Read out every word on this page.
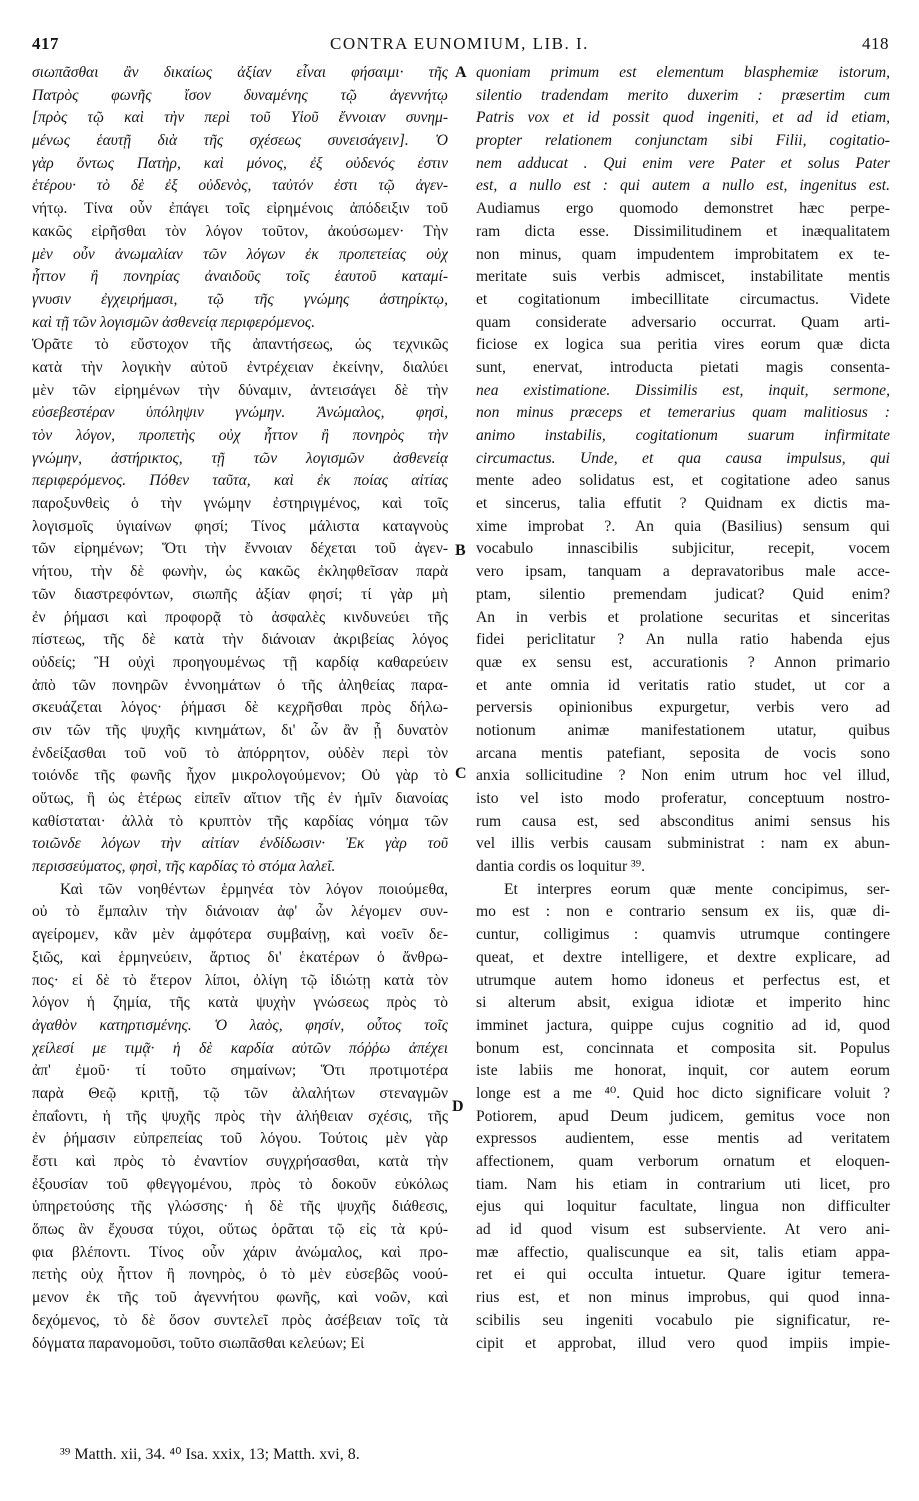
CONTRA EUNOMIUM, LIB. I.
417	418
σιωπᾶσθαι ἂν δικαίως ἀξίαν εἶναι φήσαιμι· τῆς
Πατρὸς φωνῆς ἴσον δυναμένης τῷ ἀγεννήτῳ
[πρὸς τῷ καὶ τὴν περὶ τοῦ Υἱοῦ ἔννοιαν συνημ-
μένως ἑαυτῇ διὰ τῆς σχέσεως συνεισάγειν]. Ὁ
γὰρ ὄντως Πατὴρ, καὶ μόνος, ἐξ οὐδενός ἐστιν
ἑτέρου· τὸ δὲ ἐξ οὐδενὸς, ταὐτόν ἐστι τῷ ἀγεν-
νήτῳ. Τίνα οὖν ἐπάγει τοῖς εἰρημένοις ἀπόδειξιν τοῦ
κακῶς εἰρῆσθαι τὸν λόγον τοῦτον, ἀκούσωμεν· Τὴν
μὲν οὖν ἀνωμαλίαν τῶν λόγων ἐκ προπετείας οὐχ
ἧττον ἢ πονηρίας ἀναιδοῦς τοῖς ἑαυτοῦ καταμί-
γνυσιν ἐγχειρήμασι, τῷ τῆς γνώμης ἀστηρίκτῳ,
καὶ τῇ τῶν λογισμῶν ἀσθενείᾳ περιφερόμενος.
Ὁρᾶτε τὸ εὔστοχον τῆς ἀπαντήσεως, ὡς τεχνικῶς
κατὰ τὴν λογικὴν αὐτοῦ ἐντρέχειαν ἐκείνην, διαλύει
μὲν τῶν εἰρημένων τὴν δύναμιν, ἀντεισάγει δὲ τὴν
εὐσεβεστέραν ὑπόληψιν γνώμην. Ἀνώμαλος, φησὶ,
τὸν λόγον, προπετὴς οὐχ ἧττον ἢ πονηρὸς τὴν
γνώμην, ἀστήρικτος, τῇ τῶν λογισμῶν ἀσθενείᾳ
περιφερόμενος. Πόθεν ταῦτα, καὶ ἐκ ποίας αἰτίας
παροξυνθεὶς ὁ τὴν γνώμην ἐστηριγμένος, καὶ τοῖς
λογισμοῖς ὑγιαίνων φησί; Τίνος μάλιστα καταγνοὺς
τῶν εἰρημένων; Ὅτι τὴν ἔννοιαν δέχεται τοῦ ἀγεν-
νήτου, τὴν δὲ φωνὴν, ὡς κακῶς ἐκληφθεῖσαν παρὰ
τῶν διαστρεφόντων, σιωπῆς ἀξίαν φησί; τί γὰρ μὴ
ἐν ῥήμασι καὶ προφορᾷ τὸ ἀσφαλὲς κινδυνεύει τῆς
πίστεως, τῆς δὲ κατὰ τὴν διάνοιαν ἀκριβείας λόγος
οὐδείς; Ἢ οὐχὶ προηγουμένως τῇ καρδίᾳ καθαρεύειν
ἀπὸ τῶν πονηρῶν ἐννοημάτων ὁ τῆς ἀληθείας παρα-
σκευάζεται λόγος· ῥήμασι δὲ κεχρῆσθαι πρὸς δήλω-
σιν τῶν τῆς ψυχῆς κινημάτων, δι' ὧν ἂν ᾖ δυνατὸν
ἐνδείξασθαι τοῦ νοῦ τὸ ἀπόρρητον, οὐδὲν περὶ τὸν
τοιόνδε τῆς φωνῆς ἦχον μικρολογούμενον; Οὐ γὰρ τὸ
οὕτως, ἢ ὡς ἑτέρως εἰπεῖν αἴτιον τῆς ἐν ἡμῖν διανοίας
καθίσταται· ἀλλὰ τὸ κρυπτὸν τῆς καρδίας νόημα τῶν
τοιῶνδε λόγων τὴν αἰτίαν ἐνδίδωσιν· Ἐκ γὰρ τοῦ
περισσεύματος, φησὶ, τῆς καρδίας τὸ στόμα λαλεῖ.
Καὶ τῶν νοηθέντων ἑρμηνέα τὸν λόγον ποιούμεθα,
οὐ τὸ ἔμπαλιν τὴν διάνοιαν ἀφ' ὧν λέγομεν συν-
αγείρομεν, κἂν μὲν ἀμφότερα συμβαίνῃ, καὶ νοεῖν δε-
ξιῶς, καὶ ἑρμηνεύειν, ἄρτιος δι' ἑκατέρων ὁ ἄνθρω-
πος· εἰ δὲ τὸ ἕτερον λίποι, ὀλίγη τῷ ἰδιώτῃ κατὰ τὸν
λόγον ἡ ζημία, τῆς κατὰ ψυχὴν γνώσεως πρὸς τὸ
ἀγαθὸν κατηρτισμένης. Ὁ λαὸς, φησίν, οὗτος τοῖς
χείλεσί με τιμᾷ· ἡ δὲ καρδία αὐτῶν πόῤῥω ἀπέχει
ἀπ' ἐμοῦ· τί τοῦτο σημαίνων; Ὅτι προτιμοτέρα
παρὰ Θεῷ κριτῇ, τῷ τῶν ἀλαλήτων στεναγμῶν
ἐπαΐοντι, ἡ τῆς ψυχῆς πρὸς τὴν ἀλήθειαν σχέσις, τῆς
ἐν ῥήμασιν εὐπρεπείας τοῦ λόγου. Τούτοις μὲν γὰρ
ἔστι καὶ πρὸς τὸ ἐναντίον συγχρήσασθαι, κατὰ τὴν
ἐξουσίαν τοῦ φθεγγομένου, πρὸς τὸ δοκοῦν εὐκόλως
ὑπηρετούσης τῆς γλώσσης· ἡ δὲ τῆς ψυχῆς διάθεσις,
ὅπως ἂν ἔχουσα τύχοι, οὕτως ὁρᾶται τῷ εἰς τὰ κρύ-
φια βλέποντι. Τίνος οὖν χάριν ἀνώμαλος, καὶ προ-
πετὴς οὐχ ἧττον ἢ πονηρὸς, ὁ τὸ μὲν εὐσεβῶς νοού-
μενον ἐκ τῆς τοῦ ἀγεννήτου φωνῆς, καὶ νοῶν, καὶ
δεχόμενος, τὸ δὲ ὅσον συντελεῖ πρὸς ἀσέβειαν τοῖς τὰ
δόγματα παρανομοῦσι, τοῦτο σιωπᾶσθαι κελεύων; Εἰ
quoniam primum est elementum blasphemiæ istorum,
silentio tradendam merito duxerim : præsertim cum
Patris vox et id possit quod ingeniti, et ad id etiam,
propter relationem conjunctam sibi Filii, cogitatio-
nem adducat . Qui enim vere Pater et solus Pater
est, a nullo est : qui autem a nullo est, ingenitus est.
Audiamus ergo quomodo demonstret hæc perpe-
ram dicta esse. Dissimilitudinem et inæqualitatem
non minus, quam impudentem improbitatem ex te-
meritate suis verbis admiscet, instabilitate mentis
et cogitationum imbecillitate circumactus. Videte
quam considerate adversario occurrat. Quam arti-
ficiose ex logica sua peritia vires eorum quæ dicta
sunt, enervat, introducta pietati magis consenta-
nea existimatione. Dissimilis est, inquit, sermone,
non minus præceps et temerarius quam malitiosus :
animo instabilis, cogitationum suarum infirmitate
circumactus. Unde, et qua causa impulsus, qui
mente adeo solidatus est, et cogitatione adeo sanus
et sincerus, talia effutit ? Quidnam ex dictis ma-
xime improbat ?. An quia (Basilius) sensum qui
vocabulo innascibilis subjicitur, recepit, vocem
vero ipsam, tanquam a depravatoribus male acce-
ptam, silentio premendam judicat? Quid enim?
An in verbis et prolatione securitas et sinceritas
fidei periclitatur ? An nulla ratio habenda ejus
quæ ex sensu est, accurationis ? Annon primario
et ante omnia id veritatis ratio studet, ut cor a
perversis opinionibus expurgetur, verbis vero ad
notionum animæ manifestationem utatur, quibus
arcana mentis patefiant, seposita de vocis sono
anxia sollicitudine ? Non enim utrum hoc vel illud,
isto vel isto modo proferatur, conceptuum nostro-
rum causa est, sed absconditus animi sensus his
vel illis verbis causam subministrat : nam ex abun-
dantia cordis os loquitur ³⁹.
Et interpres eorum quæ mente concipimus, ser-
mo est : non e contrario sensum ex iis, quæ di-
cuntur, colligimus : quamvis utrumque contingere
queat, et dextre intelligere, et dextre explicare, ad
utrumque autem homo idoneus et perfectus est, et
si alterum absit, exigua idiotæ et imperito hinc
imminet jactura, quippe cujus cognitio ad id, quod
bonum est, concinnata et composita sit. Populus
iste labiis me honorat, inquit, cor autem eorum
longe est a me ⁴⁰. Quid hoc dicto significare voluit ?
Potiorem, apud Deum judicem, gemitus voce non
expressos audientem, esse mentis ad veritatem
affectionem, quam verborum ornatum et eloquen-
tiam. Nam his etiam in contrarium uti licet, pro
ejus qui loquitur facultate, lingua non difficulter
ad id quod visum est subserviente. At vero ani-
mæ affectio, qualiscunque ea sit, talis etiam appa-
ret ei qui occulta intuetur. Quare igitur temera-
rius est, et non minus improbus, qui quod inna-
scibilis seu ingeniti vocabulo pie significatur, re-
cipit et approbat, illud vero quod impiis impie-
A
B
C
D
³⁹ Matth. xii, 34. ⁴⁰ Isa. xxix, 13; Matth. xvi, 8.
